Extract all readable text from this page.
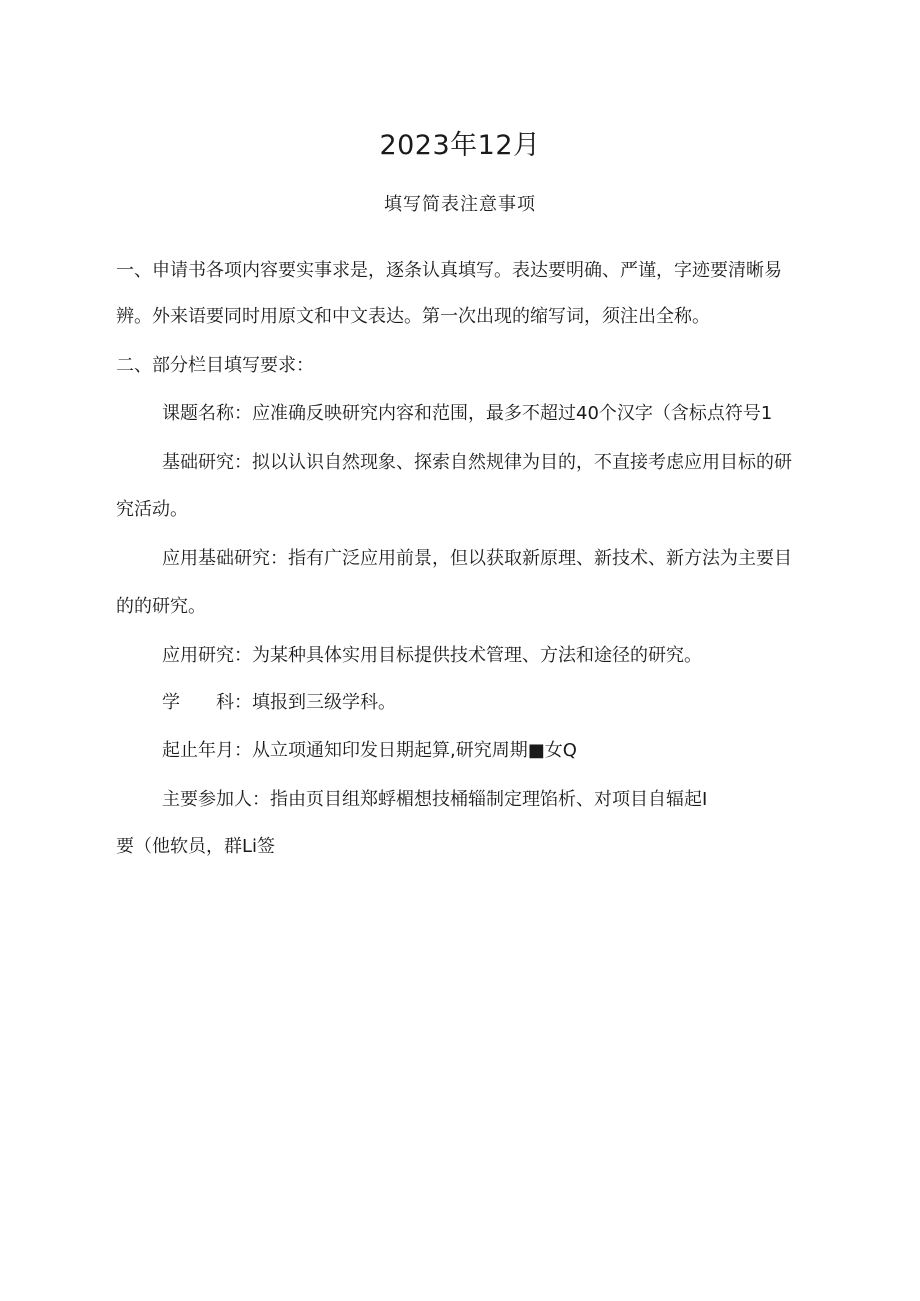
2023年12月
填写简表注意事项
一、申请书各项内容要实事求是，逐条认真填写。表达要明确、严谨，字迹要清晰易
辨。外来语要同时用原文和中文表达。第一次出现的缩写词，须注出全称。
二、部分栏目填写要求：
课题名称：应准确反映研究内容和范围，最多不超过40个汉字（含标点符号1
基础研究：拟以认识自然现象、探索自然规律为目的，不直接考虑应用目标的研
究活动。
应用基础研究：指有广泛应用前景，但以获取新原理、新技术、新方法为主要目
的的研究。
应用研究：为某种具体实用目标提供技术管理、方法和途径的研究。
学　　科：填报到三级学科。
起止年月：从立项通知印发日期起算,研究周期■女Q
主要参加人：指由页目组郑蜉楣想技桶辎制定理馅析、对项目自辐起I
要（他软员，群Li签
